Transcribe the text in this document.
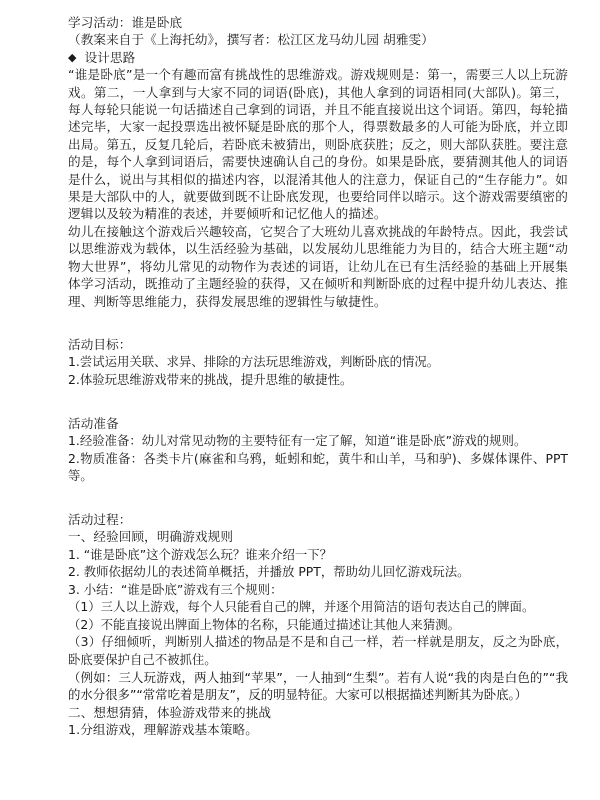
学习活动：谁是卧底
（教案来自于《上海托幼》，撰写者：松江区龙马幼儿园 胡雅雯）
◆ 设计思路

“谁是卧底”是一个有趣而富有挑战性的思维游戏。游戏规则是：第一，需要三人以上玩游戏。第二，一人拿到与大家不同的词语(卧底)，其他人拿到的词语相同(大部队)。第三，每人每轮只能说一句话描述自己拿到的词语，并且不能直接说出这个词语。第四，每轮描述完毕，大家一起投票选出被怀疑是卧底的那个人，得票数最多的人可能为卧底，并立即出局。第五，反复几轮后，若卧底未被猜出，则卧底获胜；反之，则大部队获胜。要注意的是，每个人拿到词语后，需要快速确认自己的身份。如果是卧底，要猜测其他人的词语是什么，说出与其相似的描述内容，以混淆其他人的注意力，保证自己的“生存能力”。如果是大部队中的人，就要做到既不让卧底发现，也要给同伴以暗示。这个游戏需要缜密的逻辑以及较为精准的表述，并要倾听和记忆他人的描述。

幼儿在接触这个游戏后兴趣较高，它契合了大班幼儿喜欢挑战的年龄特点。因此，我尝试以思维游戏为载体，以生活经验为基础，以发展幼儿思维能力为目的，结合大班主题“动物大世界”，将幼儿常见的动物作为表述的词语，让幼儿在已有生活经验的基础上开展集体学习活动，既推动了主题经验的获得，又在倾听和判断卧底的过程中提升幼儿表达、推理、判断等思维能力，获得发展思维的逻辑性与敏捷性。

活动目标：

1.尝试运用关联、求异、排除的方法玩思维游戏，判断卧底的情况。

2.体验玩思维游戏带来的挑战，提升思维的敏捷性。

活动准备

1.经验准备：幼儿对常见动物的主要特征有一定了解，知道“谁是卧底”游戏的规则。

2.物质准备：各类卡片(麻雀和乌鸦，蚯蚓和蛇，黄牛和山羊，马和驴)、多媒体课件、PPT 等。

活动过程：
一、经验回顾，明确游戏规则

1. “谁是卧底”这个游戏怎么玩？谁来介绍一下？

2. 教师依据幼儿的表述简单概括，并播放 PPT，帮助幼儿回忆游戏玩法。

3. 小结：“谁是卧底”游戏有三个规则：

（1）三人以上游戏，每个人只能看自己的牌，并逐个用简洁的语句表达自己的牌面。

（2）不能直接说出牌面上物体的名称，只能通过描述让其他人来猜测。

（3）仔细倾听，判断别人描述的物品是不是和自己一样，若一样就是朋友，反之为卧底，卧底要保护自己不被抓住。

（例如：三人玩游戏，两人抽到“苹果”，一人抽到“生梨”。若有人说“我的肉是白色的”“我的水分很多”“常常吃着是朋友”，反的明显特征。大家可以根据描述判断其为卧底。）

二、想想猜猜，体验游戏带来的挑战
1.分组游戏，理解游戏基本策略。
